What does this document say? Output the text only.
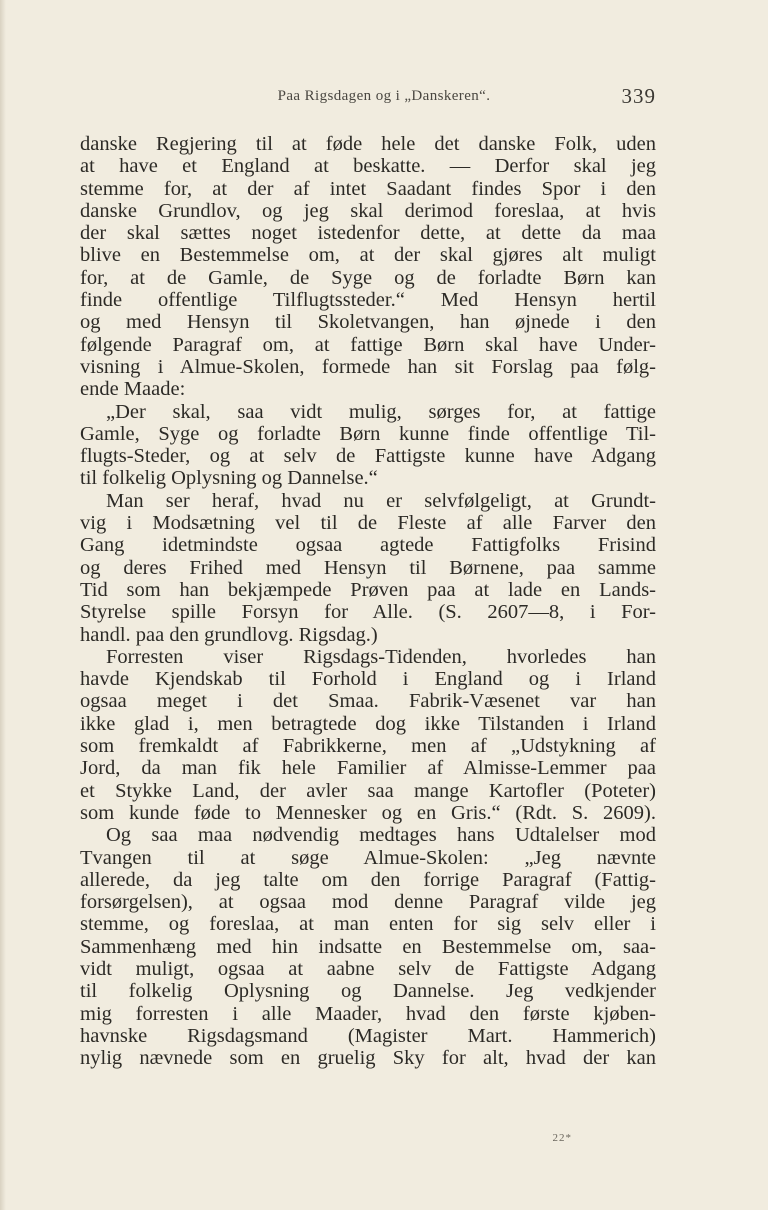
Paa Rigsdagen og i „Danskeren“.	339
danske Regjering til at føde hele det danske Folk, uden
at have et England at beskatte. — Derfor skal jeg
stemme for, at der af intet Saadant findes Spor i den
danske Grundlov, og jeg skal derimod foreslaa, at hvis
der skal sættes noget istedenfor dette, at dette da maa
blive en Bestemmelse om, at der skal gjøres alt muligt
for, at de Gamle, de Syge og de forladte Børn kan
finde offentlige Tilflugtssteder.“ Med Hensyn hertil
og med Hensyn til Skoletvangen, han øjnede i den
følgende Paragraf om, at fattige Børn skal have Under-
visning i Almue-Skolen, formede han sit Forslag paa følg-
ende Maade:
„Der skal, saa vidt mulig, sørges for, at fattige
Gamle, Syge og forladte Børn kunne finde offentlige Til-
flugts-Steder, og at selv de Fattigste kunne have Adgang
til folkelig Oplysning og Dannelse.“
Man ser heraf, hvad nu er selvfølgeligt, at Grundt-
vig i Modsætning vel til de Fleste af alle Farver den
Gang idetmindste ogsaa agtede Fattigfolks Frisind
og deres Frihed med Hensyn til Børnene, paa samme
Tid som han bekjæmpede Prøven paa at lade en Lands-
Styrelse spille Forsyn for Alle. (S. 2607—8, i For-
handl. paa den grundlovg. Rigsdag.)
Forresten viser Rigsdags-Tidenden, hvorledes han
havde Kjendskab til Forhold i England og i Irland
ogsaa meget i det Smaa. Fabrik-Væsenet var han
ikke glad i, men betragtede dog ikke Tilstanden i Irland
som fremkaldt af Fabrikkerne, men af „Udstykning af
Jord, da man fik hele Familier af Almisse-Lemmer paa
et Stykke Land, der avler saa mange Kartofler (Poteter)
som kunde føde to Mennesker og en Gris.“ (Rdt. S. 2609).
Og saa maa nødvendig medtages hans Udtalelser mod
Tvangen til at søge Almue-Skolen: „Jeg nævnte
allerede, da jeg talte om den forrige Paragraf (Fattig-
forsørgelsen), at ogsaa mod denne Paragraf vilde jeg
stemme, og foreslaa, at man enten for sig selv eller i
Sammenhæng med hin indsatte en Bestemmelse om, saa-
vidt muligt, ogsaa at aabne selv de Fattigste Adgang
til folkelig Oplysning og Dannelse. Jeg vedkjender
mig forresten i alle Maader, hvad den første kjøben-
havnske Rigsdagsmand (Magister Mart. Hammerich)
nylig nævnede som en gruelig Sky for alt, hvad der kan
22*
